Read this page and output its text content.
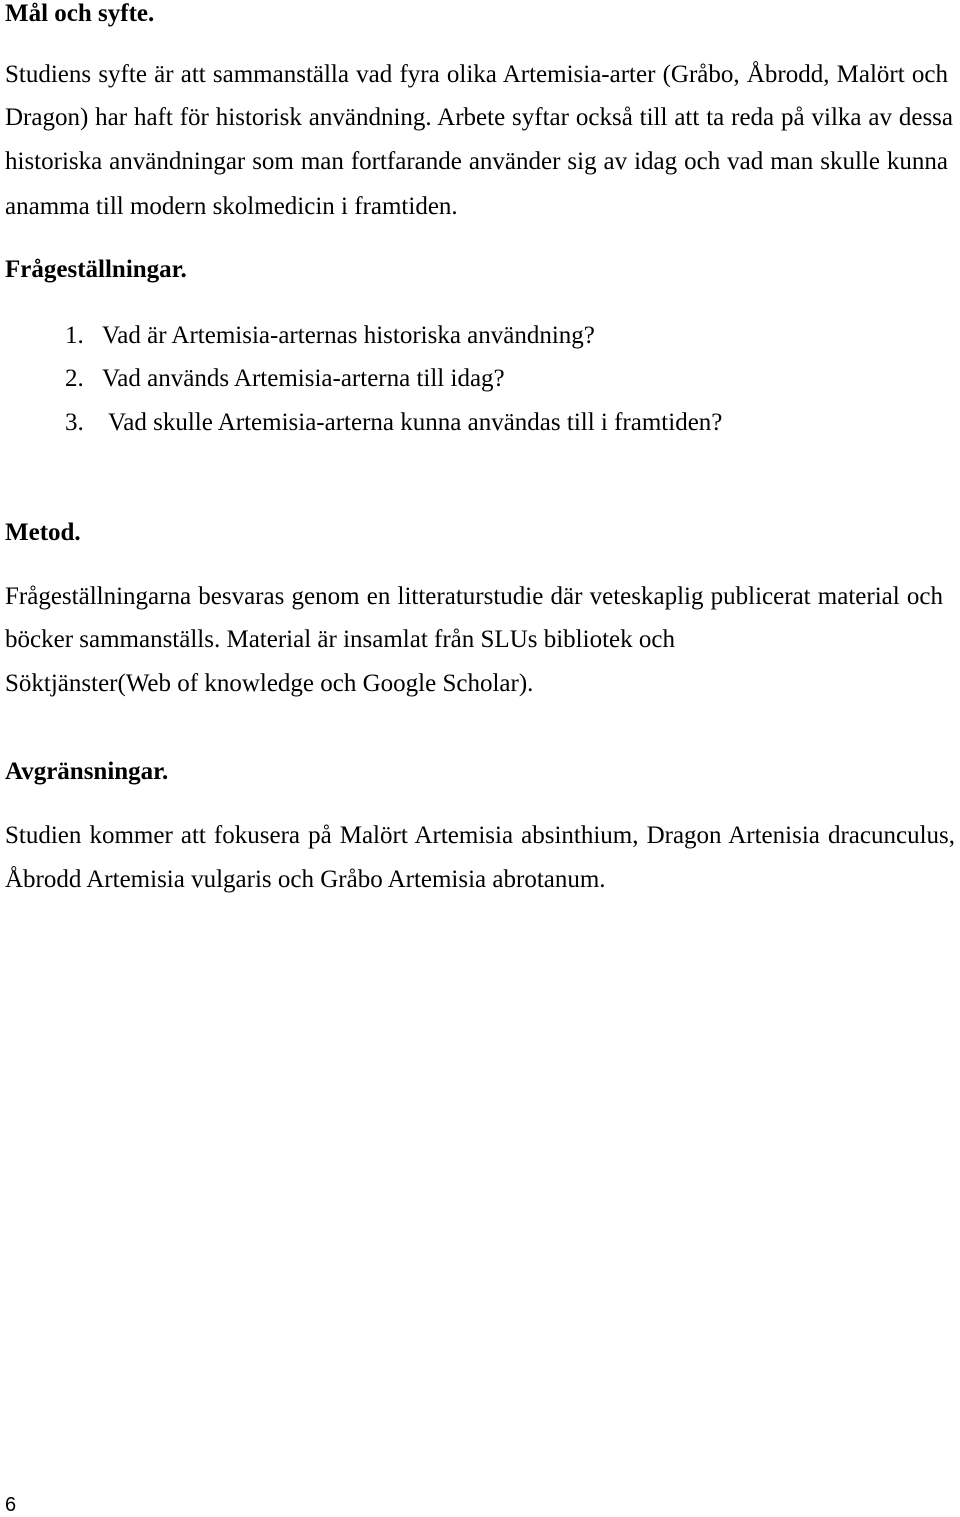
Mål och syfte.
Studiens syfte är att sammanställa vad fyra olika Artemisia-arter (Gråbo, Åbrodd, Malört och
Dragon) har haft för historisk användning. Arbete syftar också till att ta reda på vilka av dessa
historiska användningar som man fortfarande använder sig av idag och vad man skulle kunna
anamma till modern skolmedicin i framtiden.
Frågeställningar.
1. Vad är Artemisia-arternas historiska användning?
2. Vad används Artemisia-arterna till idag?
3. Vad skulle Artemisia-arterna kunna användas till i framtiden?
Metod.
Frågeställningarna besvaras genom en litteraturstudie där veteskaplig publicerat material och
böcker sammanställs. Material är insamlat från SLUs bibliotek och
Söktjänster(Web of knowledge och Google Scholar).
Avgränsningar.
Studien kommer att fokusera på Malört Artemisia absinthium, Dragon Artenisia dracunculus,
Åbrodd Artemisia vulgaris och Gråbo Artemisia abrotanum.
6
